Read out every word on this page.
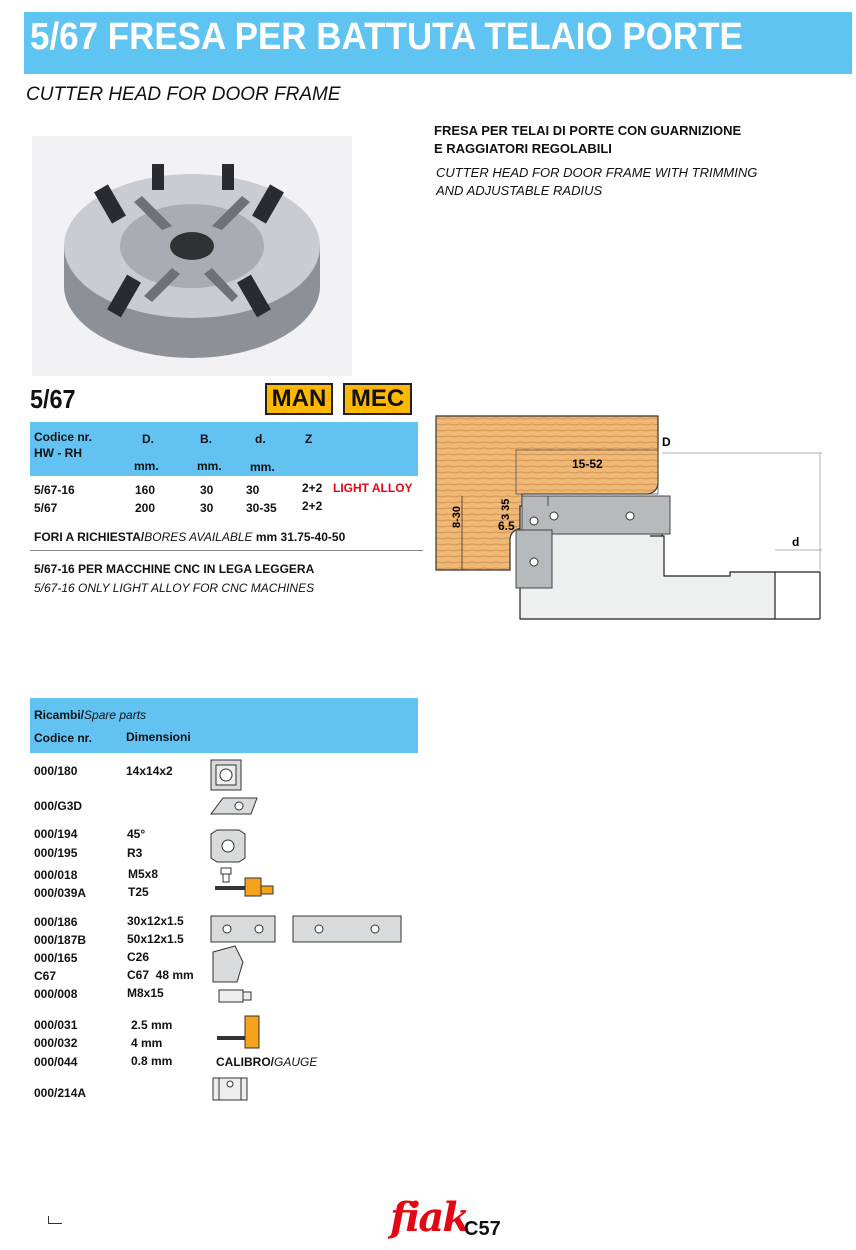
5/67 FRESA PER BATTUTA TELAIO PORTE
CUTTER HEAD FOR DOOR FRAME
FRESA PER TELAI DI PORTE CON GUARNIZIONE
E RAGGIATORI REGOLABILI
CUTTER HEAD FOR DOOR FRAME WITH TRIMMING
AND ADJUSTABLE RADIUS
5/67	MAN	MEC
Codice nr.
HW - RH
D.	B.	d.	Z
mm.	mm. mm.
5/67-16	160	30	30	2+2 LIGHT ALLOY
5/67	200	30	30-35 2+2
FORI A RICHIESTA/BORES AVAILABLE mm 31.75-40-50
5/67-16 PER MACCHINE CNC IN LEGA LEGGERA
5/67-16 ONLY LIGHT ALLOY FOR CNC MACHINES
D
d
15-52
3 35
8-30	6.5
Ricambi/Spare parts
Codice nr.	Dimensioni
000/180	14x14x2
000/G3D
000/194	45°
000/195	R3
000/018	M5x8
000/039A	T25
000/186	30x12x1.5
000/187B	50x12x1.5
000/165	C26
C67	C67  48 mm
000/008	M8x15
000/031	2.5 mm
000/032	4 mm
000/044	0.8 mm	CALIBRO/GAUGE
000/214A
fiak
C57
